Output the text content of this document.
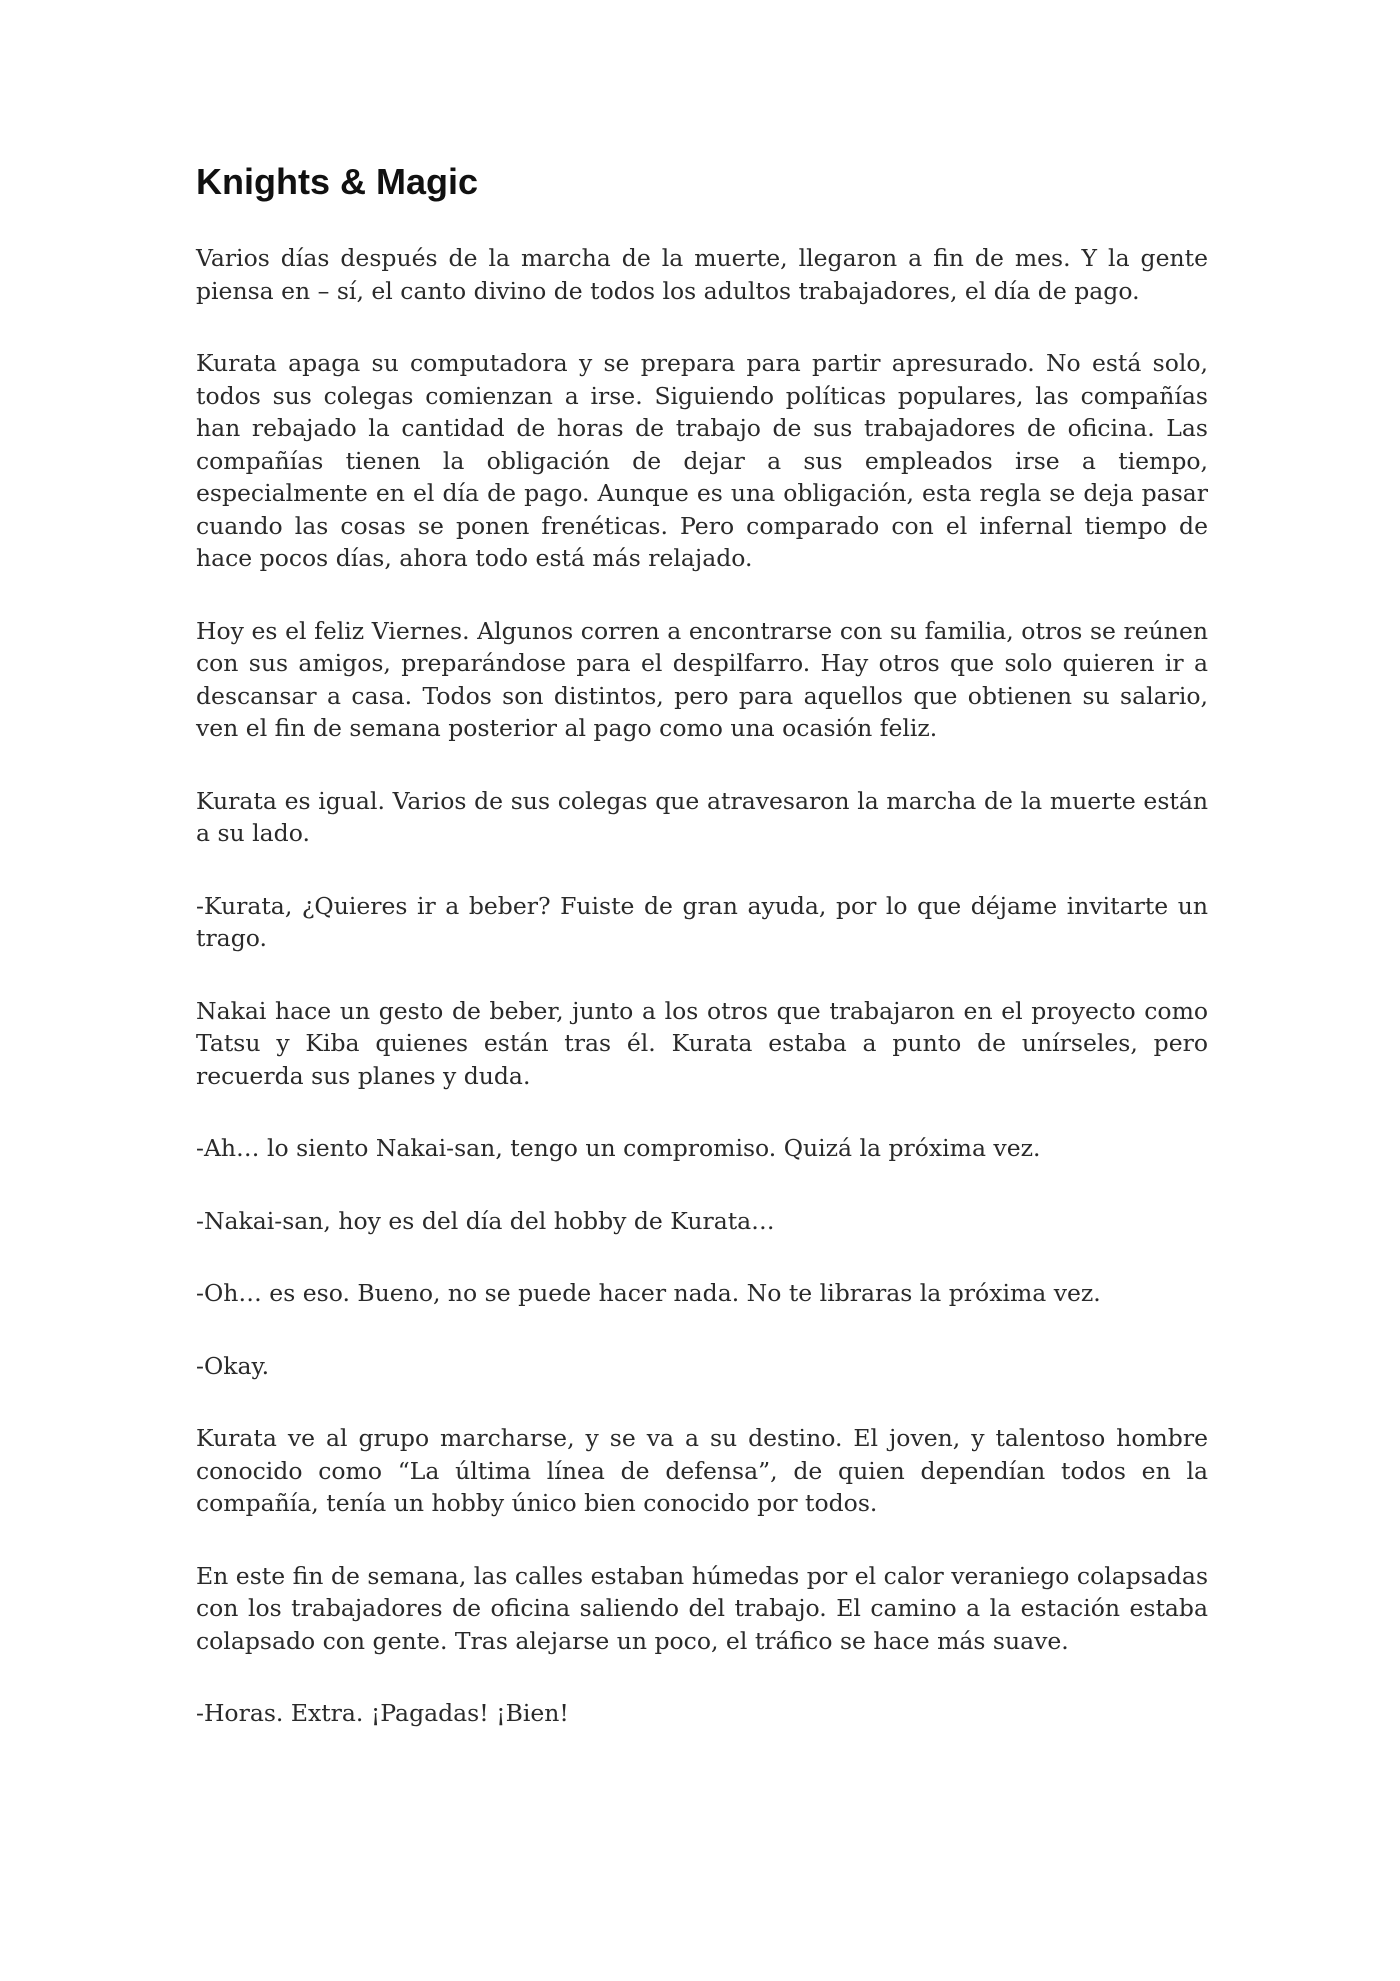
Knights & Magic

Varios días después de la marcha de la muerte, llegaron a fin de mes. Y la gente piensa en – sí, el canto divino de todos los adultos trabajadores, el día de pago.

Kurata apaga su computadora y se prepara para partir apresurado. No está solo, todos sus colegas comienzan a irse. Siguiendo políticas populares, las compañías han rebajado la cantidad de horas de trabajo de sus trabajadores de oficina. Las compañías tienen la obligación de dejar a sus empleados irse a tiempo, especialmente en el día de pago. Aunque es una obligación, esta regla se deja pasar cuando las cosas se ponen frenéticas. Pero comparado con el infernal tiempo de hace pocos días, ahora todo está más relajado.

Hoy es el feliz Viernes. Algunos corren a encontrarse con su familia, otros se reúnen con sus amigos, preparándose para el despilfarro. Hay otros que solo quieren ir a descansar a casa. Todos son distintos, pero para aquellos que obtienen su salario, ven el fin de semana posterior al pago como una ocasión feliz.

Kurata es igual. Varios de sus colegas que atravesaron la marcha de la muerte están a su lado.

-Kurata, ¿Quieres ir a beber? Fuiste de gran ayuda, por lo que déjame invitarte un trago.

Nakai hace un gesto de beber, junto a los otros que trabajaron en el proyecto como Tatsu y Kiba quienes están tras él. Kurata estaba a punto de unírseles, pero recuerda sus planes y duda.

-Ah… lo siento Nakai-san, tengo un compromiso. Quizá la próxima vez.

-Nakai-san, hoy es del día del hobby de Kurata…

-Oh… es eso. Bueno, no se puede hacer nada. No te libraras la próxima vez.

-Okay.

Kurata ve al grupo marcharse, y se va a su destino. El joven, y talentoso hombre conocido como “La última línea de defensa”, de quien dependían todos en la compañía, tenía un hobby único bien conocido por todos.

En este fin de semana, las calles estaban húmedas por el calor veraniego colapsadas con los trabajadores de oficina saliendo del trabajo. El camino a la estación estaba colapsado con gente. Tras alejarse un poco, el tráfico se hace más suave.

-Horas. Extra. ¡Pagadas! ¡Bien!
